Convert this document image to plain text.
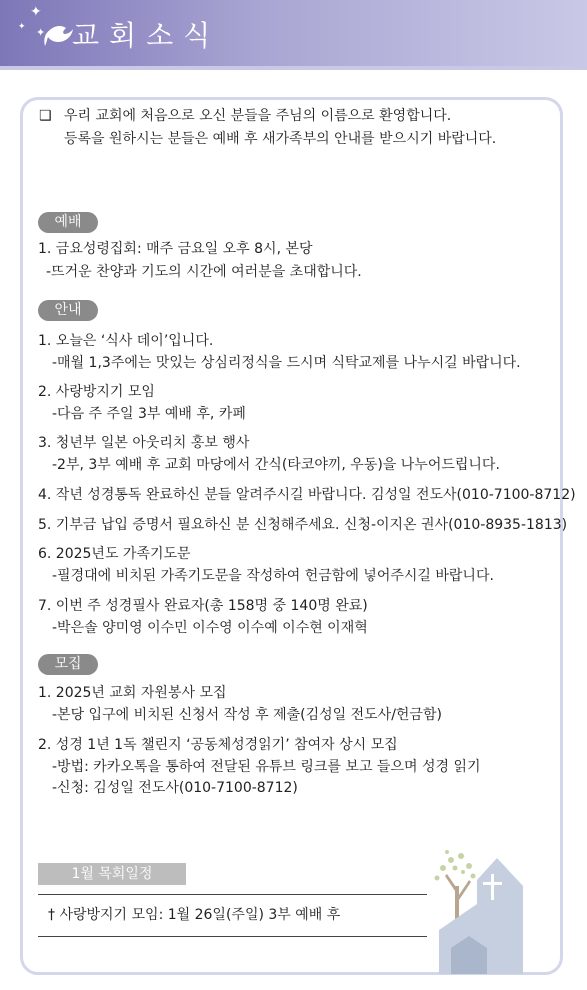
✦
✦ ✦ 교회소식
❑ 우리 교회에 처음으로 오신 분들을 주님의 이름으로 환영합니다.
등록을 원하시는 분들은 예배 후 새가족부의 안내를 받으시기 바랍니다.
예배
1. 금요성령집회: 매주 금요일 오후 8시, 본당
-뜨거운 찬양과 기도의 시간에 여러분을 초대합니다.
안내
1. 오늘은 ‘식사 데이’입니다.
-매월 1,3주에는 맛있는 상심리정식을 드시며 식탁교제를 나누시길 바랍니다.
2. 사랑방지기 모임
-다음 주 주일 3부 예배 후, 카페
3. 청년부 일본 아웃리치 홍보 행사
-2부, 3부 예배 후 교회 마당에서 간식(타코야끼, 우동)을 나누어드립니다.
4. 작년 성경통독 완료하신 분들 알려주시길 바랍니다. 김성일 전도사(010-7100-8712)
5. 기부금 납입 증명서 필요하신 분 신청해주세요. 신청-이지온 권사(010-8935-1813)
6. 2025년도 가족기도문
-필경대에 비치된 가족기도문을 작성하여 헌금함에 넣어주시길 바랍니다.
7. 이번 주 성경필사 완료자(총 158명 중 140명 완료)
-박은솔 양미영 이수민 이수영 이수예 이수현 이재혁
모집
1. 2025년 교회 자원봉사 모집
-본당 입구에 비치된 신청서 작성 후 제출(김성일 전도사/헌금함)
2. 성경 1년 1독 챌린지 ‘공동체성경읽기’ 참여자 상시 모집
-방법: 카카오톡을 통하여 전달된 유튜브 링크를 보고 들으며 성경 읽기
-신청: 김성일 전도사(010-7100-8712)
1월 목회일정
† 사랑방지기 모임: 1월 26일(주일) 3부 예배 후
